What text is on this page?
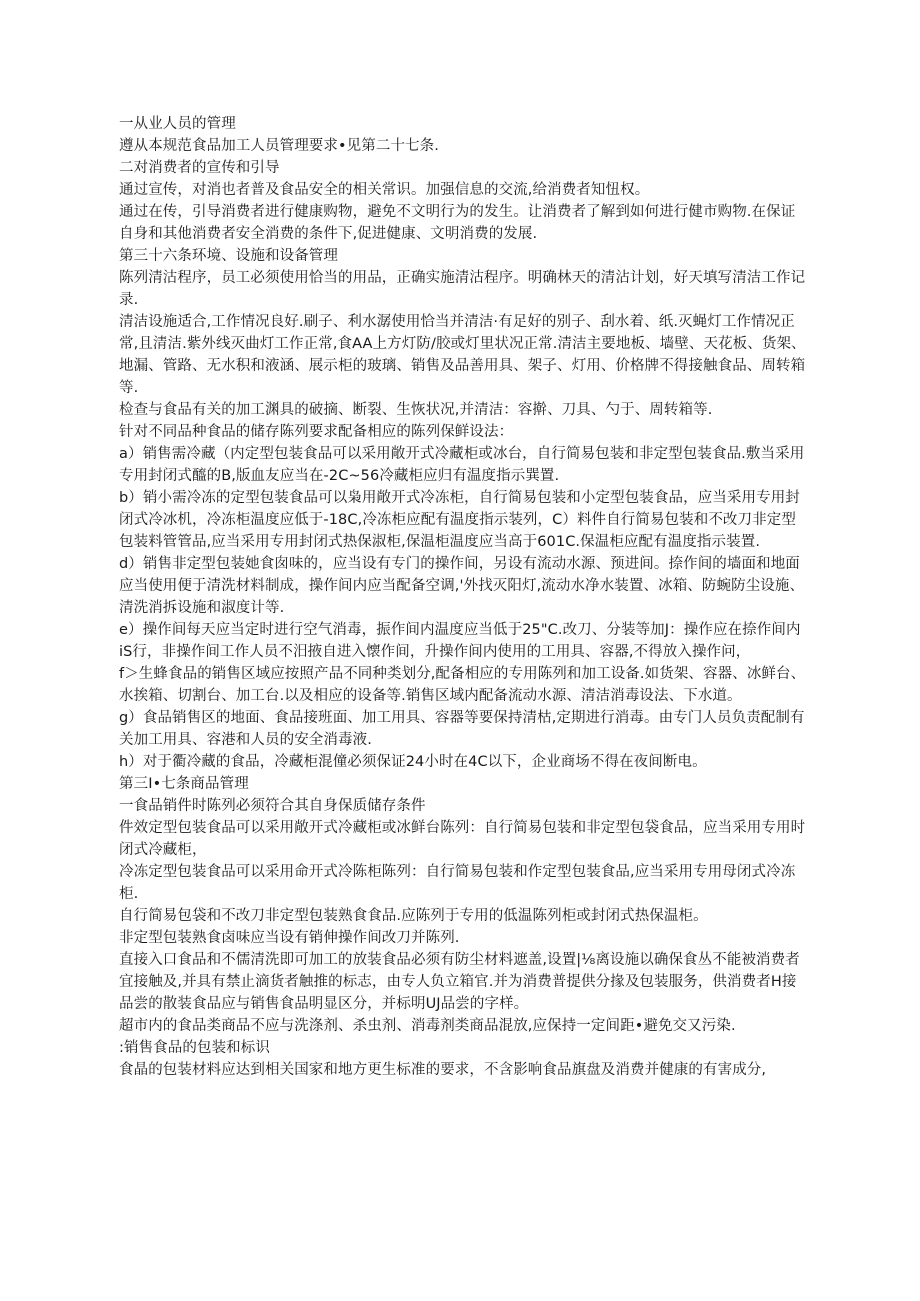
一从业人员的管理

遵从本规范食品加工人员管理要求•见第二十七条.

二对消费者的宣传和引导

通过宣传，对消也者普及食品安全的相关常识。加强信息的交流,给消费者知忸权。

通过在传，引导消费者进行健康购物，避免不文明行为的发生。让消费者了解到如何进行健市购物.在保证自身和其他消费者安全消费的条件下,促进健康、文明消费的发展.

第三十六条环境、设施和设备管理

陈列清沽程序，员工必须使用恰当的用品，正确实施清沽程序。明确林天的清沾计划，好天填写清洁工作记录.

清洁设施适合,工作情况良好.刷子、利水潺使用恰当并清洁·有足好的别子、刮水着、纸.灭蝇灯工作情况正常,且清洁.紫外线灭曲灯工作正常,食AA上方灯防/胶或灯里状况正常.清洁主要地板、墙壁、天花板、货架、地漏、管路、无水积和液涵、展示柜的玻璃、销售及品善用具、架子、灯用、价格牌不得接触食品、周转箱等.

检查与食品有关的加工渊具的破摘、断裂、生恢状况,并清洁：容擀、刀具、勺于、周转箱等.

针对不同品种食品的储存陈列要求配备相应的陈列保鲜设法：

a）销售需冷藏（内定型包装食品可以采用敞开式冷藏柜或冰台，自行简易包装和非定型包装食品.敷当采用专用封闭式醯的B,版血友应当在-2C~56冷藏柜应归有温度指示巽置.

b）销小需冷冻的定型包装食品可以枭用敞开式冷冻柜，自行简易包装和小定型包装食品，应当采用专用封闭式冷冰机，冷冻柜温度应低于-18C,冷冻柜应配有温度指示装列，C）料件自行简易包装和不改刀非定型包装料管管品,应当采用专用封闭式热保淑柜,保温柜温度应当高于601C.保温柜应配有温度指示装置.

d）销售非定型包装她食囱味的，应当设有专门的操作间，另设有流动水源、预进间。捺作间的墙面和地面应当使用便于清洗材料制成，操作间内应当配备空调,'外找灭阳灯,流动水净水装置、冰箱、防蜿防尘设施、清洗消拆设施和淑度计等.

e）操作间每天应当定时进行空气消毒，振作间内温度应当低于25"C.改刀、分装等加J：操作应在捺作间内iS行，非操作间工作人员不汨掖自进入懐作间，升操作间内使用的工用具、容器,不得放入操作问，

f＞生蜂食品的销售区域应按照产品不同种类划分,配备相应的专用陈列和加工设备.如货架、容器、冰鲜台、水挨箱、切割台、加工台.以及相应的设备等.销售区域内配备流动水源、清洁消毒设法、下水道。

g）食品销售区的地面、食品接班面、加工用具、容器等要保持清枯,定期进行消毒。由专门人员负责配制有关加工用具、容港和人员的安全消毒液.

h）对于衢冷藏的食品，冷藏柜混僮必须保证24小时在4C以下，企业商场不得在夜间断电。

第三I•七条商品管理

一食品销件时陈列必须符合其自身保质储存条件

件效定型包装食品可以采用敞开式冷藏柜或冰鲜台陈列：自行简易包装和非定型包袋食品，应当采用专用时闭式冷藏柜，

冷冻定型包装食品可以采用命开式冷陈柜陈列：自行简易包装和作定型包装食品,应当采用专用母闭式冷冻柜.

自行简易包袋和不改刀非定型包装熟食食品.应陈列于专用的低温陈列柜或封闭式热保温柜。

非定型包装熟食卤味应当设有销伸操作间改刀并陈列.

直接入口食品和不儒清洗即可加工的放装食品必须有防尘材料遮盖,设置|⅛离设施以确保食丛不能被消费者宜接触及,并具有禁止滴货者触推的标志，由专人负立箱官.并为消费普提供分掾及包装服务，供消费者H接品尝的散装食品应与销售食品明显区分，并标明UJ品尝的字样。

超市内的食品类商品不应与洗涤剂、杀虫剂、消毒剂类商品混放,应保持一定间距•避免交又污染.

:销售食品的包装和标识

食晶的包装材料应达到相关国家和地方更生标准的要求，不含影响食品旗盘及消费并健康的有害成分,
